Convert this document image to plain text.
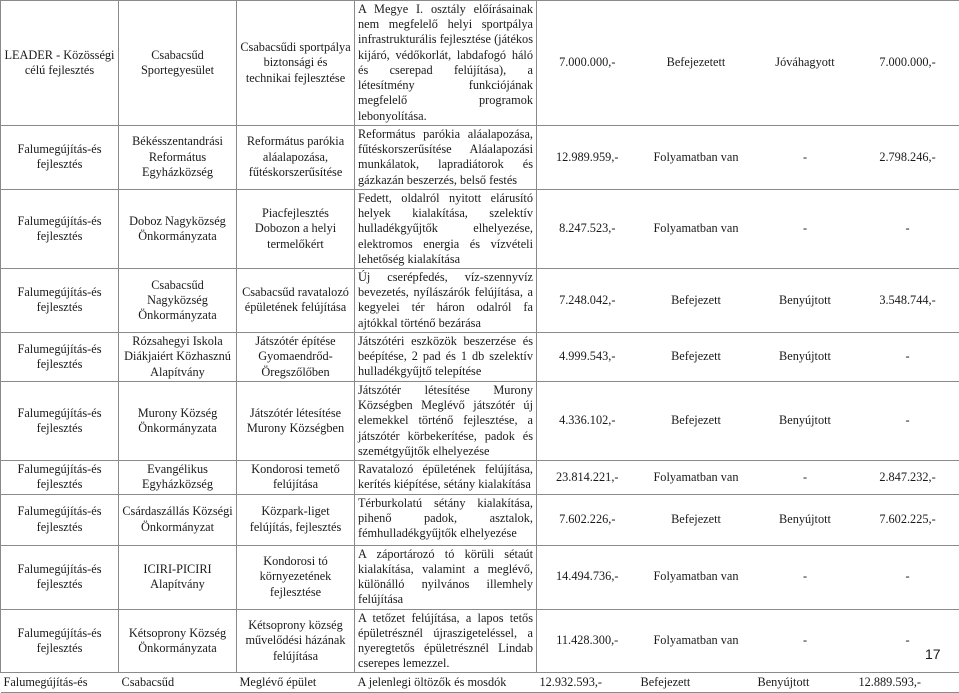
LEADER - Közösségi célú fejlesztés	Csabacsűd Sportegyesület	Csabacsűdi sportpálya biztonsági és technikai fejlesztése	A Megye I. osztály előírásainak nem megfelelő helyi sportpálya infrastrukturális fejlesztése (játékos kijáró, védőkorlát, labdafogó háló és cserepad felújítása), a létesítmény funkciójának megfelelő programok lebonyolítása.	7.000.000,-	Befejezetett	Jóváhagyott	7.000.000,-
Falumegújítás-és fejlesztés	Békésszentandrási Református Egyházközség	Református parókia aláalapozása, fűtéskorszerűsítése	Református parókia aláalapozása, fűtéskorszerűsítése Aláalapozási munkálatok, lapradiátorok és gázkazán beszerzés, belső festés	12.989.959,-	Folyamatban van	-	2.798.246,-
Falumegújítás-és fejlesztés	Doboz Nagyközség Önkormányzata	Piacfejlesztés Dobozon a helyi termelőkért	Fedett, oldalról nyitott elárusító helyek kialakítása, szelektív hulladékgyűjtők elhelyezése, elektromos energia és vízvételi lehetőség kialakítása	8.247.523,-	Folyamatban van	-	-
Falumegújítás-és fejlesztés	Csabacsűd Nagyközség Önkormányzata	Csabacsűd ravatalozó épületének felújítása	Új cserépfedés, víz-szennyvíz bevezetés, nyílászárók felújítása, a kegyelei tér háron odalról fa ajtókkal történő bezárása	7.248.042,-	Befejezett	Benyújtott	3.548.744,-
Falumegújítás-és fejlesztés	Rózsahegyi Iskola Diákjaiért Közhasznú Alapítvány	Játszótér építése Gyomaendrőd-Öregszőlőben	Játszótéri eszközök beszerzése és beépítése, 2 pad és 1 db szelektív hulladékgyűjtő telepítése	4.999.543,-	Befejezett	Benyújtott	-
Falumegújítás-és fejlesztés	Murony Község Önkormányzata	Játszótér létesítése Murony Községben	Játszótér létesítése Murony Községben Meglévő játszótér új elemekkel történő fejlesztése, a játszótér körbekerítése, padok és szemétgyűjtők elhelyezése	4.336.102,-	Befejezett	Benyújtott	-
Falumegújítás-és fejlesztés	Evangélikus Egyházközség	Kondorosi temető felújítása	Ravatalozó épületének felújítása, kerítés kiépítése, sétány kialakítása	23.814.221,-	Folyamatban van	-	2.847.232,-
Falumegújítás-és fejlesztés	Csárdaszállás Községi Önkormányzat	Közpark-liget felújítás, fejlesztés	Térburkolatú sétány kialakítása, pihenő padok, asztalok, fémhulladékgyűjtők elhelyezése	7.602.226,-	Befejezett	Benyújtott	7.602.225,-
Falumegújítás-és fejlesztés	ICIRI-PICIRI Alapítvány	Kondorosi tó környezetének fejlesztése	A záportározó tó körüli sétaút kialakítása, valamint a meglévő, különálló nyilvános illemhely felújítása	14.494.736,-	Folyamatban van	-	-
Falumegújítás-és fejlesztés	Kétsoprony Község Önkormányzata	Kétsoprony község művelődési házának felújítása	A tetőzet felújítása, a lapos tetős épületrésznél újraszigeteléssel, a nyeregtetős épületrésznél Lindab cserepes lemezzel.	11.428.300,-	Folyamatban van	-	-
Falumegújítás-és	Csabacsűd	Meglévő épület	A jelenlegi öltözők és mosdók	12.932.593,-	Befejezett	Benyújtott	12.889.593,-
17
